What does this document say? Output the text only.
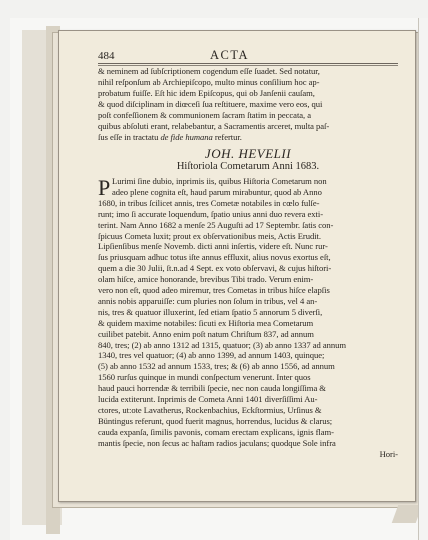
484	ACTA
& neminem ad ſubſcriptionem cogendum eſſe ſuadet. Sed notatur,
nihil reſponſum ab Archiepiſcopo, multo minus conſilium hoc ap-
probatum fuiſſe. Eſt hic idem Epiſcopus, qui ob Janſenii cauſam,
& quod diſciplinam in diœceſi ſua reſtituere, maxime vero eos, qui
poſt confeſſionem & communionem ſacram ſtatim in peccata, a
quibus abſoluti erant, relabebantur, a Sacramentis arceret, multa paſ-
ſus eſſe in tractatu de fide humana refertur.
JOH. HEVELII
Hiſtoriola Cometarum Anni 1683.
P Lurimi ſine dubio, inprimis iis, quibus Hiſtoria Cometarum non
adeo plene cognita eſt, haud parum mirabuntur, quod ab Anno
1680, in tribus ſcilicet annis, tres Cometæ notabiles in cœlo fulſe-
runt; imo ſi accurate loquendum, ſpatio unius anni duo revera exti-
terint. Nam Anno 1682 a menſe 25 Auguſti ad 17 Septembr. ſatis con-
ſpicuus Cometa luxit; prout ex obſervationibus meis, Actis Erudit.
Lipſienſibus menſe Novemb. dicti anni inſertis, videre eſt. Nunc rur-
ſus priusquam adhuc totus iſte annus effluxit, alius novus exortus eſt,
quem a die 30 Julii, ſt.n.ad 4 Sept. ex voto obſervavi, & cujus hiſtori-
olam hiſce, amice honorande, brevibus Tibi trado. Verum enim-
vero non eſt, quod adeo miremur, tres Cometas in tribus hiſce elapſis
annis nobis apparuiſſe: cum pluries non ſolum in tribus, vel 4 an-
nis, tres & quatuor illuxerint, ſed etiam ſpatio 5 annorum 5 diverſi,
& quidem maxime notabiles: ſicuti ex Hiſtoria mea Cometarum
cuilibet patebit. Anno enim poſt natum Chriſtum 837, ad annum
840, tres; (2) ab anno 1312 ad 1315, quatuor; (3) ab anno 1337 ad annum
1340, tres vel quatuor; (4) ab anno 1399, ad annum 1403, quinque;
(5) ab anno 1532 ad annum 1533, tres; & (6) ab anno 1556, ad annum
1560 rurſus quinque in mundi conſpectum venerunt. Inter quos
haud pauci horrendæ & terribili ſpecie, nec non cauda longiſſima &
lucida extiterunt. Inprimis de Cometa Anni 1401 diverſiſſimi Au-
ctores, ut:ote Lavatherus, Rockenbachius, Eckſtormius, Urſinus &
Büntingus referunt, quod fuerit magnus, horrendus, lucidus & clarus;
cauda expanſa, ſimilis pavonis, comam erectam explicans, ignis flam-
mantis ſpecie, non ſecus ac haſtam radios jaculans; quodque Sole infra
Hori-
